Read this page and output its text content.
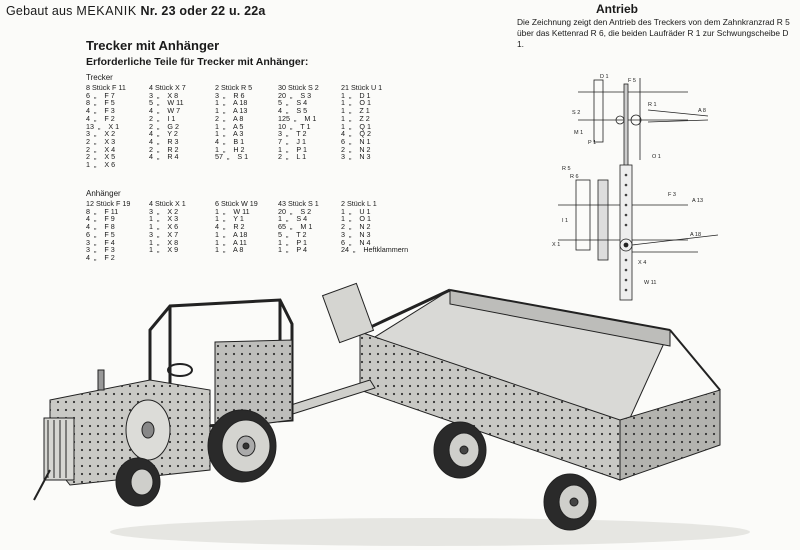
Gebaut aus MEKANIK Nr. 23 oder 22 u. 22a
Trecker mit Anhänger
Erforderliche Teile für Trecker mit Anhänger:
Trecker
8 Stück F 11
6  „    F 7
8  „    F 5
4  „    F 3
4  „    F 2
13  „    X 1
3  „    X 2
2  „    X 3
2  „    X 4
2  „    X 5
1  „    X 6
4 Stück X 7
3  „    X 8
5  „    W 11
4  „    W 7
2  „    I 1
2  „    G 2
4  „    Y 2
4  „    R 3
2  „    R 2
4  „    R 4
2 Stück R 5
3  „    R 6
1  „    A 18
1  „    A 13
2  „    A 8
1  „    A 5
1  „    A 3
4  „    B 1
1  „    H 2
57  „    S 1
30 Stück S 2
20  „    S 3
5  „    S 4
4  „    S 5
125  „    M 1
10  „    T 1
3  „    T 2
7  „    J 1
1  „    P 1
2  „    L 1
21 Stück U 1
1  „    D 1
1  „    O 1
1  „    Z 1
1  „    Z 2
1  „    Q 1
4  „    Q 2
6  „    N 1
2  „    N 2
3  „    N 3
Anhänger
12 Stück F 19
8  „    F 11
4  „    F 9
4  „    F 8
6  „    F 5
3  „    F 4
3  „    F 3
4  „    F 2
4 Stück X 1
3  „    X 2
1  „    X 3
1  „    X 6
3  „    X 7
1  „    X 8
1  „    X 9
6 Stück W 19
1  „    W 11
1  „    Y 1
4  „    R 2
1  „    A 18
1  „    A 11
1  „    A 8
43 Stück S 1
20  „    S 2
1  „    S 4
65  „    M 1
5  „    T 2
1  „    P 1
1  „    P 4
2 Stück L 1
1  „    U 1
1  „    O 1
2  „    N 2
3  „    N 3
6  „    N 4
24  „    Heftklammern
Antrieb
Die Zeichnung zeigt den Antrieb des Treckers von dem Zahnkranzrad R 5 über das Kettenrad R 6, die beiden Laufräder R 1 zur Schwungscheibe D 1.
D 1
F 5
R 1
A 8
S 2
M 1
P 1
O 1
R 5
R 6
A 13
I 1
A 18
X 4
W 11
F 3
X 1
